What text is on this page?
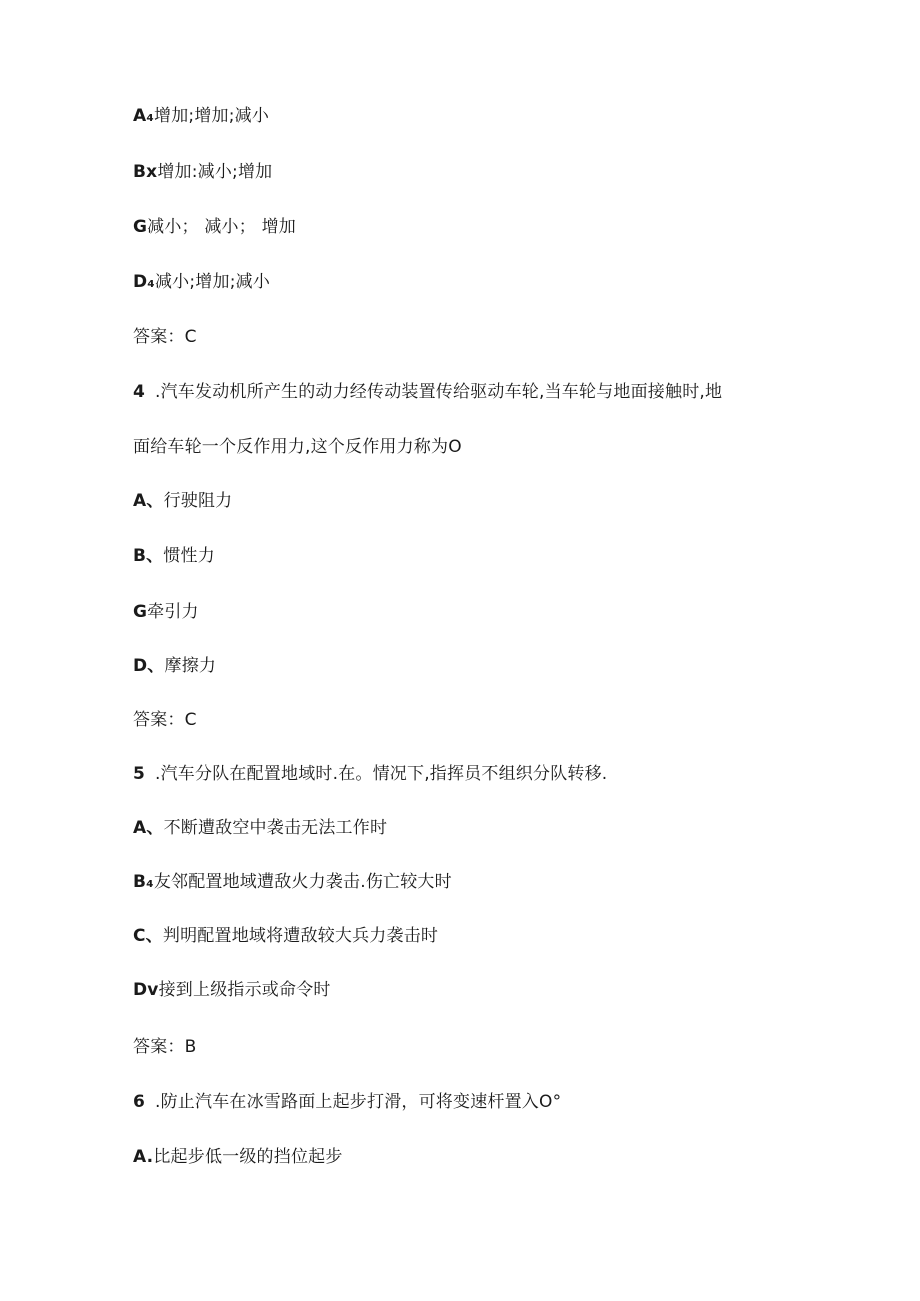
A₄增加;增加;减小
Bx增加:减小;增加
G减小； 减小； 增加
D₄减小;增加;减小
答案：C
4 .汽车发动机所产生的动力经传动装置传给驱动车轮,当车轮与地面接触时,地
面给车轮一个反作用力,这个反作用力称为O
A、行驶阻力
B、惯性力
G牵引力
D、摩擦力
答案：C
5 .汽车分队在配置地域时.在。情况下,指挥员不组织分队转移.
A、不断遭敌空中袭击无法工作时
B₄友邻配置地域遭敌火力袭击.伤亡较大时
C、判明配置地域将遭敌较大兵力袭击时
Dv接到上级指示或命令时
答案：B
6 .防止汽车在冰雪路面上起步打滑，可将变速杆置入O°
A.比起步低一级的挡位起步
